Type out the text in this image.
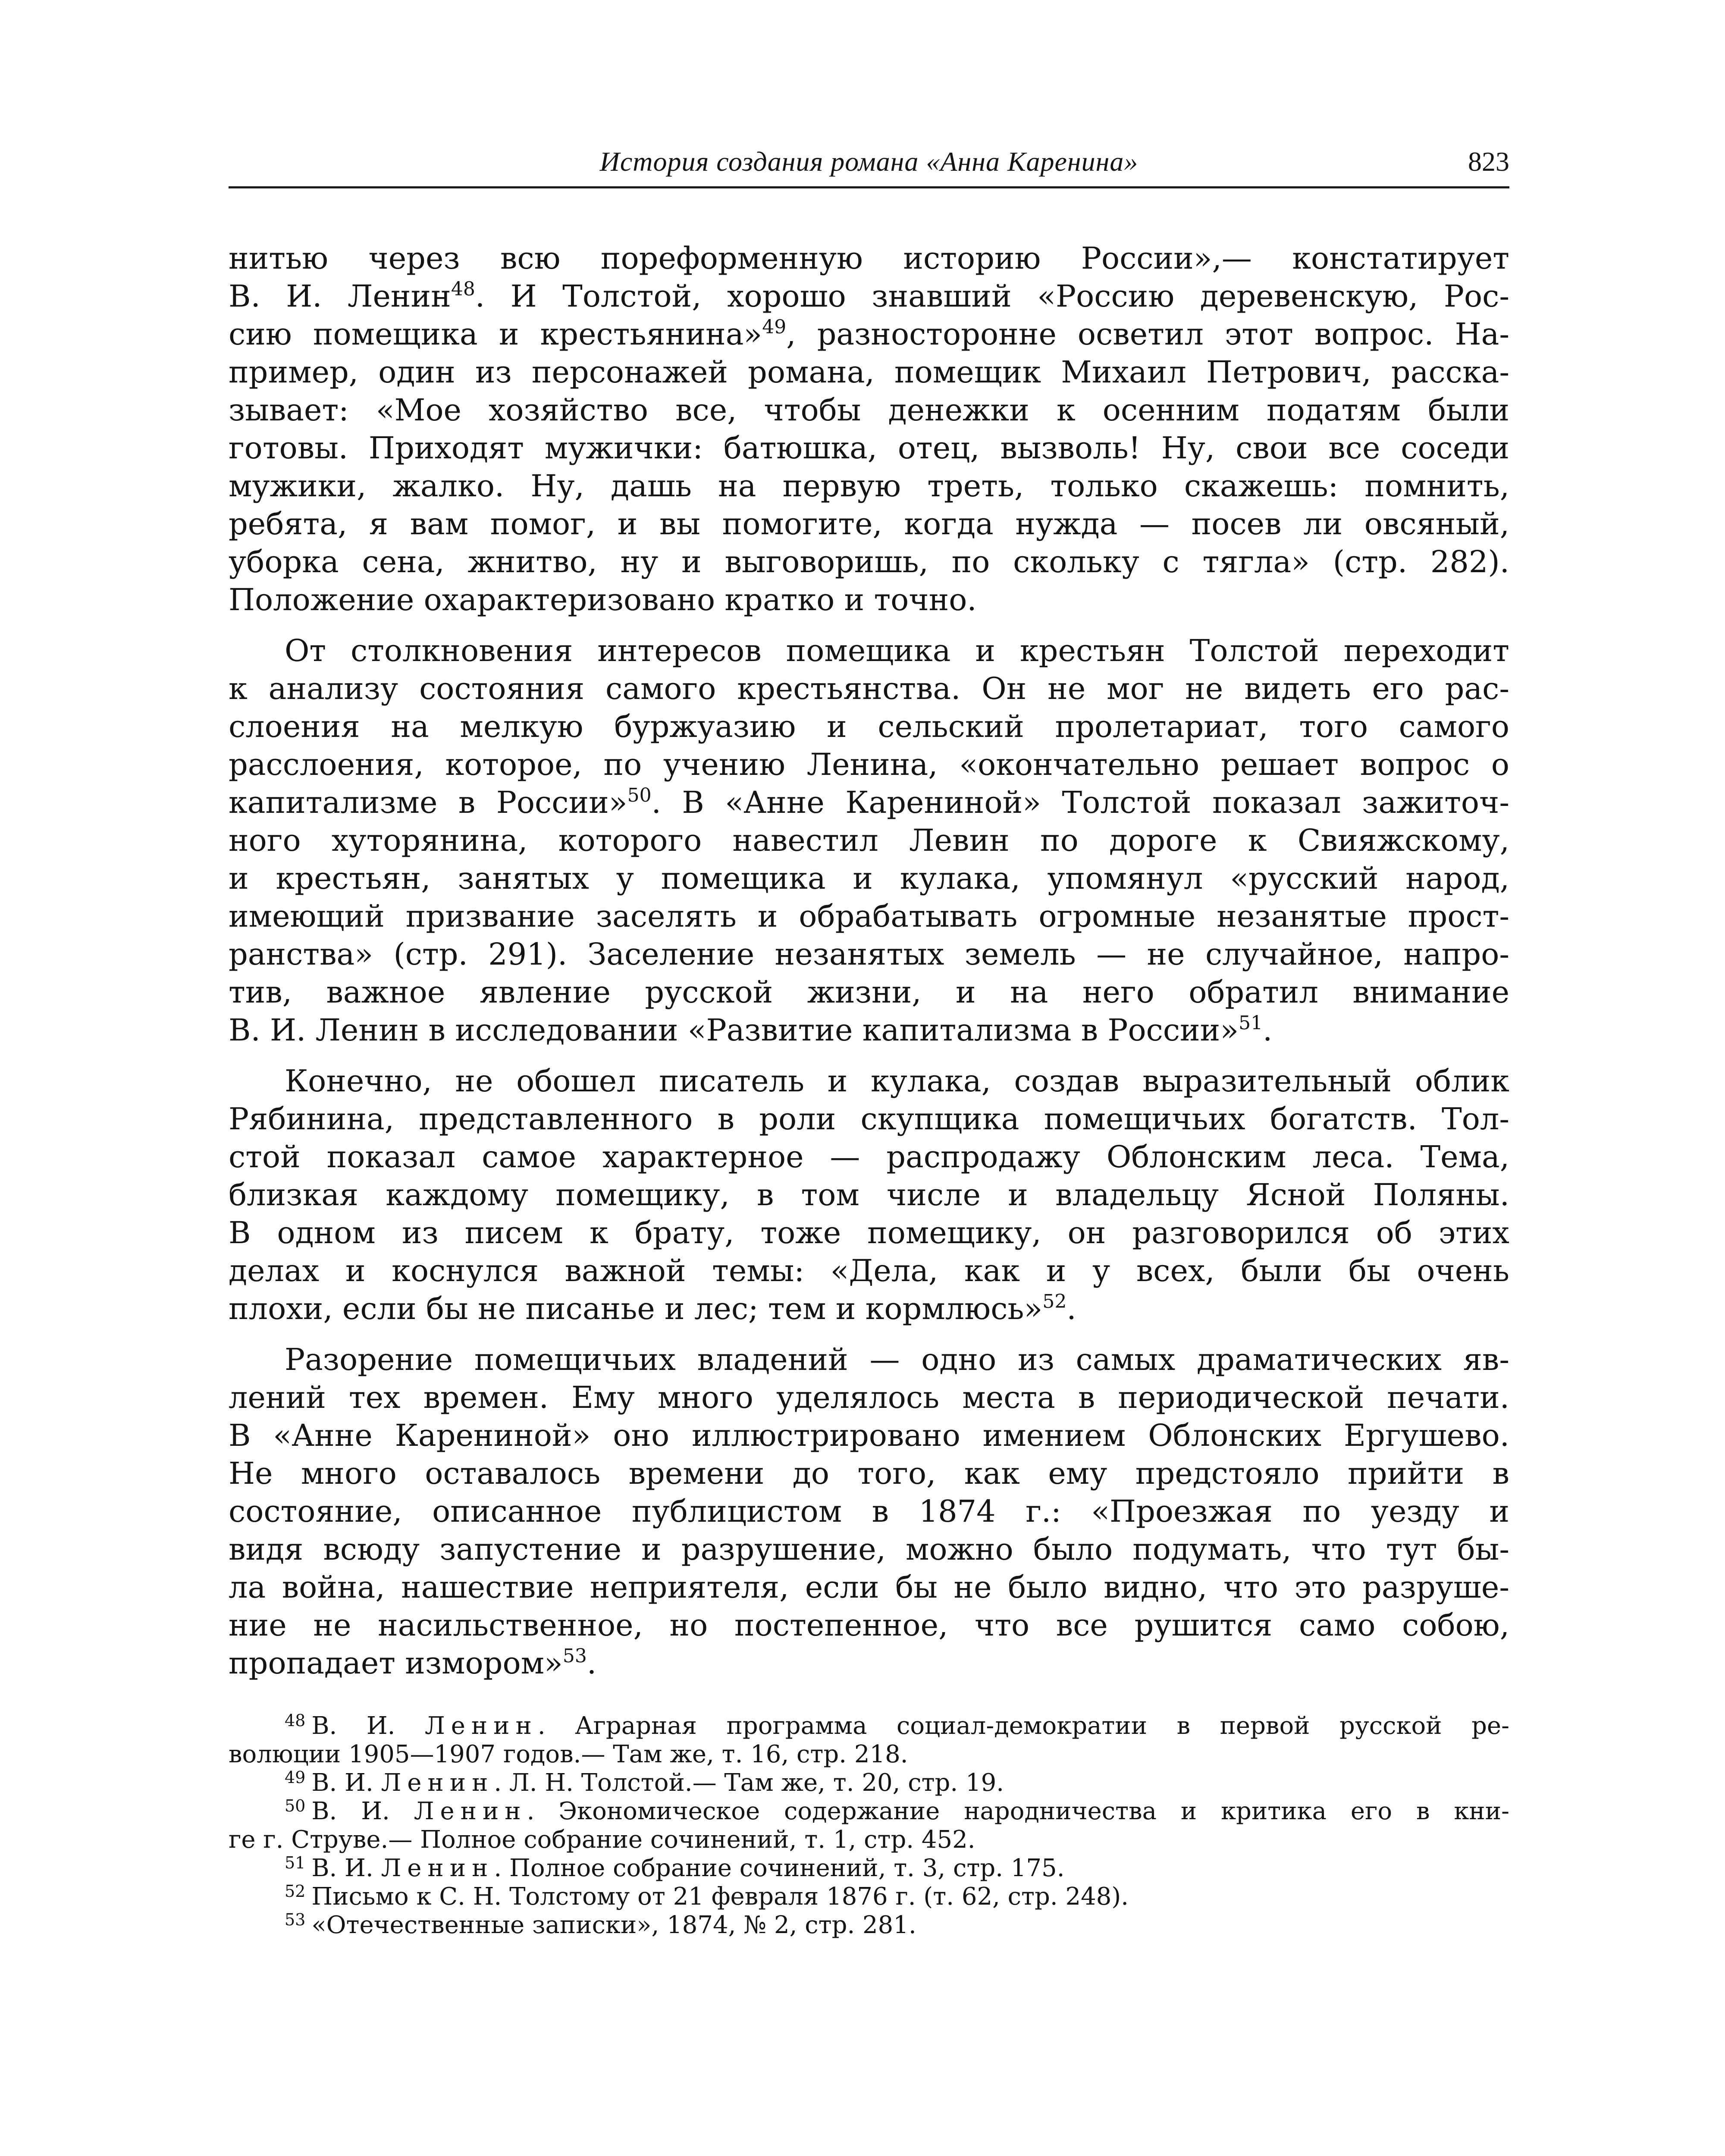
История создания романа «Анна Каренина»	823
нитью через всю пореформенную историю России»,— констатирует
В. И. Ленин$^{48}$. И Толстой, хорошо знавший «Россию деревенскую, Рос-
сию помещика и крестьянина»$^{49}$, разносторонне осветил этот вопрос. На-
пример, один из персонажей романа, помещик Михаил Петрович, расска-
зывает: «Мое хозяйство все, чтобы денежки к осенним податям были
готовы. Приходят мужички: батюшка, отец, вызволь! Ну, свои все соседи
мужики, жалко. Ну, дашь на первую треть, только скажешь: помнить,
ребята, я вам помог, и вы помогите, когда нужда — посев ли овсяный,
уборка сена, жнитво, ну и выговоришь, по скольку с тягла» (стр. 282).
Положение охарактеризовано кратко и точно.
От столкновения интересов помещика и крестьян Толстой переходит
к анализу состояния самого крестьянства. Он не мог не видеть его рас-
слоения на мелкую буржуазию и сельский пролетариат, того самого
расслоения, которое, по учению Ленина, «окончательно решает вопрос о
капитализме в России»$^{50}$. В «Анне Карениной» Толстой показал зажиточ-
ного хуторянина, которого навестил Левин по дороге к Свияжскому,
и крестьян, занятых у помещика и кулака, упомянул «русский народ,
имеющий призвание заселять и обрабатывать огромные незанятые прост-
ранства» (стр. 291). Заселение незанятых земель — не случайное, напро-
тив, важное явление русской жизни, и на него обратил внимание
В. И. Ленин в исследовании «Развитие капитализма в России»$^{51}$.
Конечно, не обошел писатель и кулака, создав выразительный облик
Рябинина, представленного в роли скупщика помещичьих богатств. Тол-
стой показал самое характерное — распродажу Облонским леса. Тема,
близкая каждому помещику, в том числе и владельцу Ясной Поляны.
В одном из писем к брату, тоже помещику, он разговорился об этих
делах и коснулся важной темы: «Дела, как и у всех, были бы очень
плохи, если бы не писанье и лес; тем и кормлюсь»$^{52}$.
Разорение помещичьих владений — одно из самых драматических яв-
лений тех времен. Ему много уделялось места в периодической печати.
В «Анне Карениной» оно иллюстрировано имением Облонских Ергушево.
Не много оставалось времени до того, как ему предстояло прийти в
состояние, описанное публицистом в 1874 г.: «Проезжая по уезду и
видя всюду запустение и разрушение, можно было подумать, что тут бы-
ла война, нашествие неприятеля, если бы не было видно, что это разруше-
ние не насильственное, но постепенное, что все рушится само собою,
пропадает измором»$^{53}$.
$^{48}$ В. И. Ленин. Аграрная программа социал-демократии в первой русской ре-
волюции 1905—1907 годов.— Там же, т. 16, стр. 218.
$^{49}$ В. И. Ленин. Л. Н. Толстой.— Там же, т. 20, стр. 19.
$^{50}$ В. И. Ленин. Экономическое содержание народничества и критика его в кни-
ге г. Струве.— Полное собрание сочинений, т. 1, стр. 452.
$^{51}$ В. И. Ленин. Полное собрание сочинений, т. 3, стр. 175.
$^{52}$ Письмо к С. Н. Толстому от 21 февраля 1876 г. (т. 62, стр. 248).
$^{53}$ «Отечественные записки», 1874, № 2, стр. 281.
